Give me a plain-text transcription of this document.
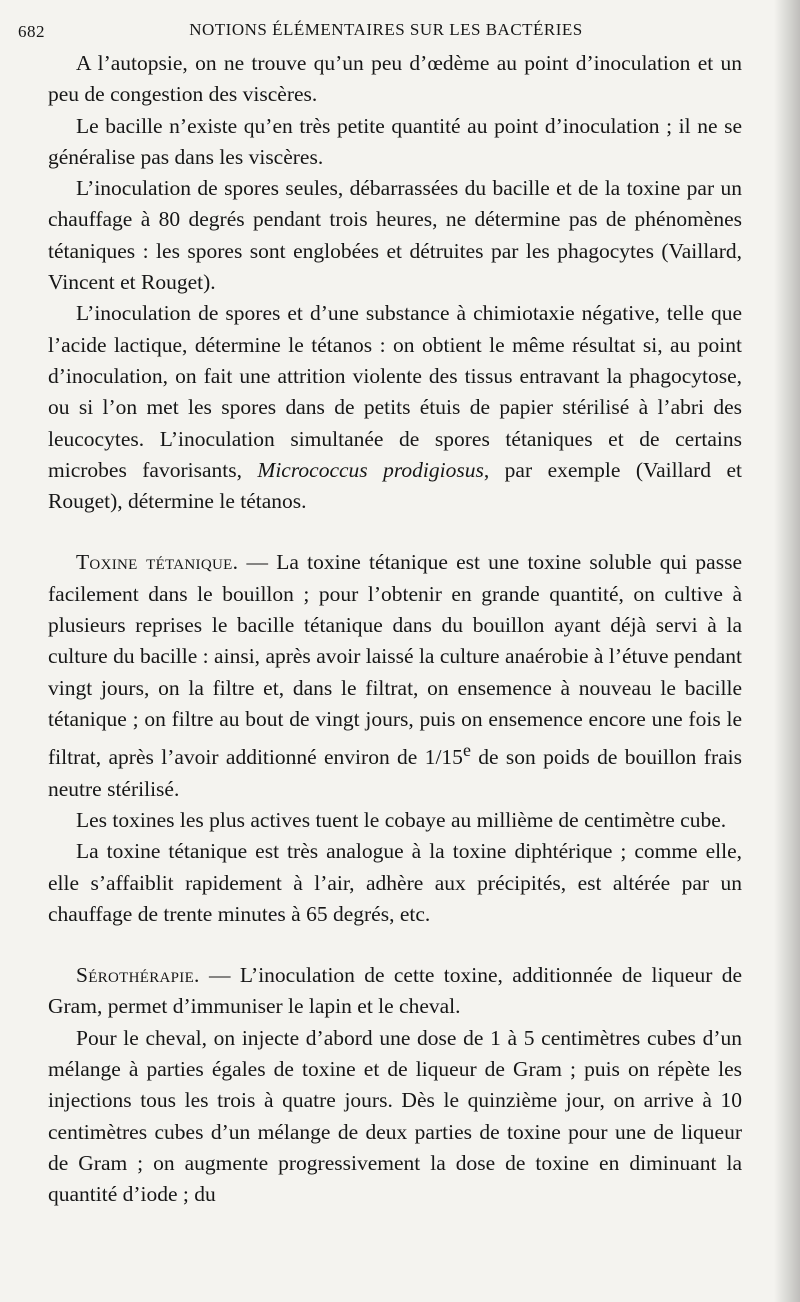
682	NOTIONS ÉLÉMENTAIRES SUR LES BACTÉRIES

A l’autopsie, on ne trouve qu’un peu d’œdème au point d’inoculation et un peu de congestion des viscères.

Le bacille n’existe qu’en très petite quantité au point d’inoculation ; il ne se généralise pas dans les viscères.

L’inoculation de spores seules, débarrassées du bacille et de la toxine par un chauffage à 80 degrés pendant trois heures, ne détermine pas de phénomènes tétaniques : les spores sont englobées et détruites par les phagocytes (Vaillard, Vincent et Rouget).

L’inoculation de spores et d’une substance à chimiotaxie négative, telle que l’acide lactique, détermine le tétanos : on obtient le même résultat si, au point d’inoculation, on fait une attrition violente des tissus entravant la phagocytose, ou si l’on met les spores dans de petits étuis de papier stérilisé à l’abri des leucocytes. L’inoculation simultanée de spores tétaniques et de certains microbes favorisants, Micrococcus prodigiosus, par exemple (Vaillard et Rouget), détermine le tétanos.

Toxine tétanique. — La toxine tétanique est une toxine soluble qui passe facilement dans le bouillon ; pour l’obtenir en grande quantité, on cultive à plusieurs reprises le bacille tétanique dans du bouillon ayant déjà servi à la culture du bacille : ainsi, après avoir laissé la culture anaérobie à l’étuve pendant vingt jours, on la filtre et, dans le filtrat, on ensemence à nouveau le bacille tétanique ; on filtre au bout de vingt jours, puis on ensemence encore une fois le filtrat, après l’avoir additionné environ de 1/15e de son poids de bouillon frais neutre stérilisé.

Les toxines les plus actives tuent le cobaye au millième de centimètre cube.

La toxine tétanique est très analogue à la toxine diphtérique ; comme elle, elle s’affaiblit rapidement à l’air, adhère aux précipités, est altérée par un chauffage de trente minutes à 65 degrés, etc.

Sérothérapie. — L’inoculation de cette toxine, additionnée de liqueur de Gram, permet d’immuniser le lapin et le cheval.

Pour le cheval, on injecte d’abord une dose de 1 à 5 centimètres cubes d’un mélange à parties égales de toxine et de liqueur de Gram ; puis on répète les injections tous les trois à quatre jours. Dès le quinzième jour, on arrive à 10 centimètres cubes d’un mélange de deux parties de toxine pour une de liqueur de Gram ; on augmente progressivement la dose de toxine en diminuant la quantité d’iode ; du
